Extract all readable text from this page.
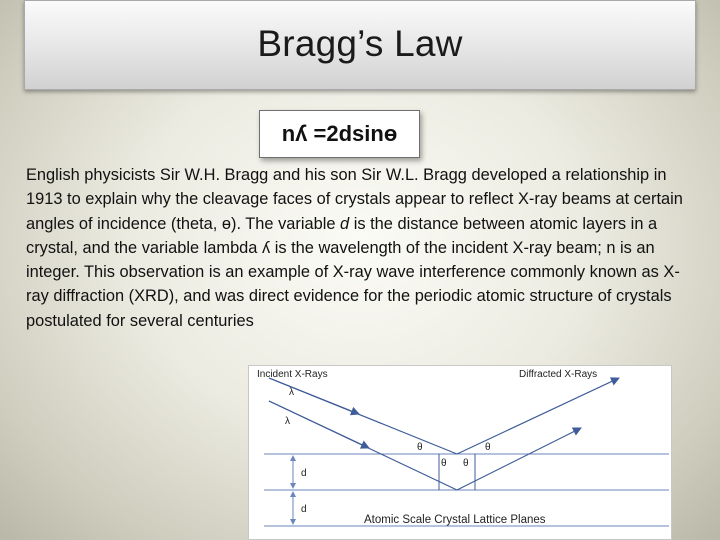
Bragg’s Law
nʎ =2dsinɵ
English physicists Sir W.H. Bragg and his son Sir W.L. Bragg developed a relationship in 1913 to explain why the cleavage faces of crystals appear to reflect X-ray beams at certain angles of incidence (theta, ɵ). The variable d is the distance between atomic layers in a crystal, and the variable lambda ʎ is the wavelength of the incident X-ray beam; n is an integer. This observation is an example of X-ray wave interference commonly known as X-ray diffraction (XRD), and was direct evidence for the periodic atomic structure of crystals postulated for several centuries
Incident X-Rays	Diffracted X-Rays
λ
λ
θ	θ
θ θ
d
d
Atomic Scale Crystal Lattice Planes
